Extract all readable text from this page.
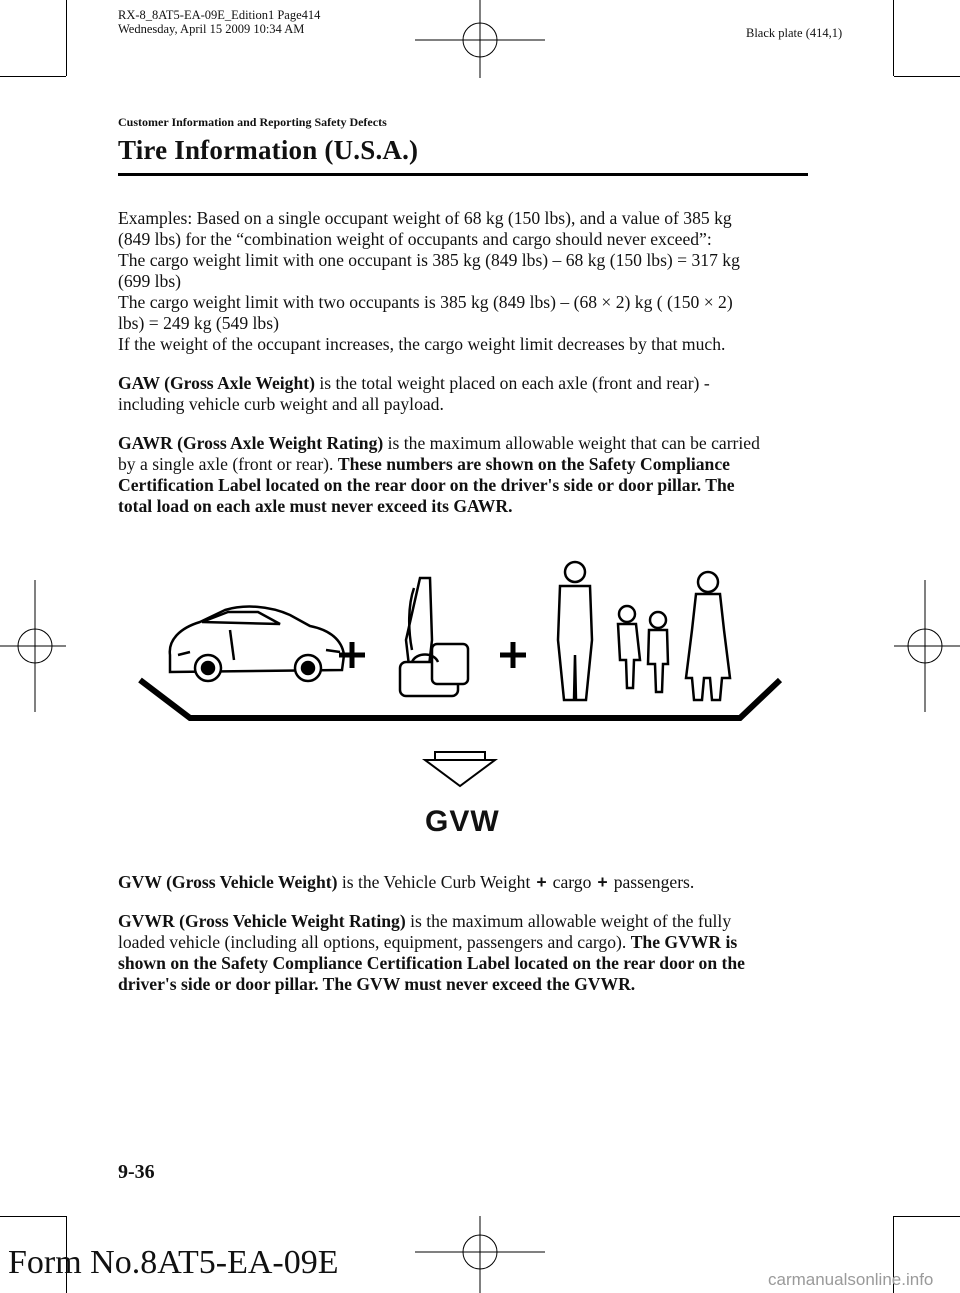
RX-8_8AT5-EA-09E_Edition1 Page414
Wednesday, April 15 2009 10:34 AM	Black plate (414,1)
Customer Information and Reporting Safety Defects
Tire Information (U.S.A.)

Examples: Based on a single occupant weight of 68 kg (150 lbs), and a value of 385 kg
(849 lbs) for the “combination weight of occupants and cargo should never exceed”:
The cargo weight limit with one occupant is 385 kg (849 lbs) – 68 kg (150 lbs) = 317 kg
(699 lbs)
The cargo weight limit with two occupants is 385 kg (849 lbs) – (68 × 2) kg ( (150 × 2)
lbs) = 249 kg (549 lbs)
If the weight of the occupant increases, the cargo weight limit decreases by that much.

GAW (Gross Axle Weight) is the total weight placed on each axle (front and rear) -
including vehicle curb weight and all payload.

GAWR (Gross Axle Weight Rating) is the maximum allowable weight that can be carried
by a single axle (front or rear). These numbers are shown on the Safety Compliance
Certification Label located on the rear door on the driver's side or door pillar. The
total load on each axle must never exceed its GAWR.

GVW

GVW (Gross Vehicle Weight) is the Vehicle Curb Weight + cargo + passengers.

GVWR (Gross Vehicle Weight Rating) is the maximum allowable weight of the fully
loaded vehicle (including all options, equipment, passengers and cargo). The GVWR is
shown on the Safety Compliance Certification Label located on the rear door on the
driver's side or door pillar. The GVW must never exceed the GVWR.

9-36
Form No.8AT5-EA-09E	carmanualsonline.info
